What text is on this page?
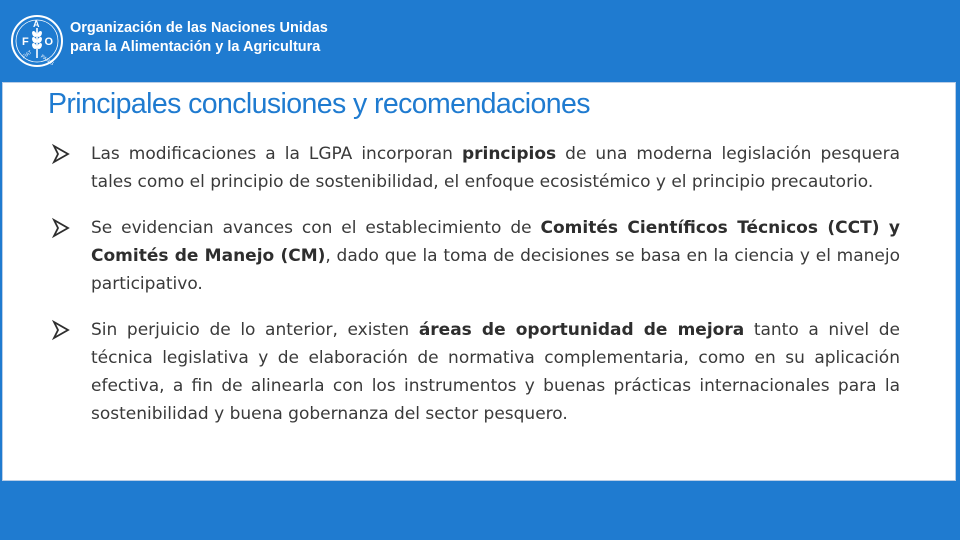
F O
A
FIAT PANIS
Organización de las Naciones Unidas
para la Alimentación y la Agricultura
Principales conclusiones y recomendaciones
Las modificaciones a la LGPA incorporan principios de una moderna legislación pesquera tales como el principio de sostenibilidad, el enfoque ecosistémico y el principio precautorio.
Se evidencian avances con el establecimiento de Comités Científicos Técnicos (CCT) y Comités de Manejo (CM), dado que la toma de decisiones se basa en la ciencia y el manejo participativo.
Sin perjuicio de lo anterior, existen áreas de oportunidad de mejora tanto a nivel de técnica legislativa y de elaboración de normativa complementaria, como en su aplicación efectiva, a fin de alinearla con los instrumentos y buenas prácticas internacionales para la sostenibilidad y buena gobernanza del sector pesquero.
